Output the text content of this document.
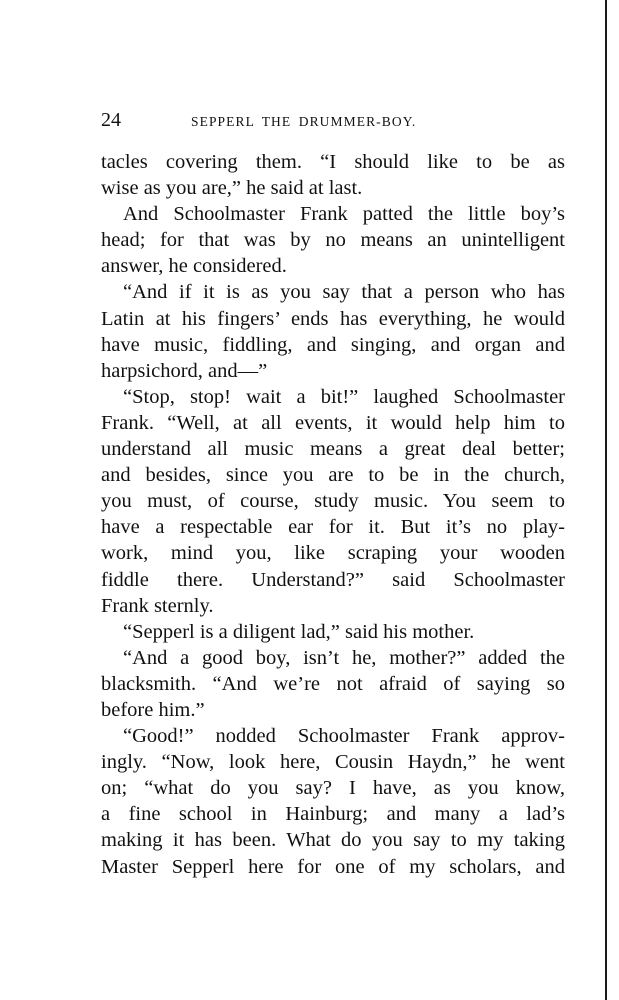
24	SEPPERL THE DRUMMER-BOY.
tacles covering them. “I should like to be as
wise as you are,” he said at last.
And Schoolmaster Frank patted the little boy’s
head; for that was by no means an unintelligent
answer, he considered.
“And if it is as you say that a person who has
Latin at his fingers’ ends has everything, he would
have music, fiddling, and singing, and organ and
harpsichord, and—”
“Stop, stop! wait a bit!” laughed Schoolmaster
Frank. “Well, at all events, it would help him to
understand all music means a great deal better;
and besides, since you are to be in the church,
you must, of course, study music. You seem to
have a respectable ear for it. But it’s no play-
work, mind you, like scraping your wooden
fiddle there. Understand?” said Schoolmaster
Frank sternly.
“Sepperl is a diligent lad,” said his mother.
“And a good boy, isn’t he, mother?” added the
blacksmith. “And we’re not afraid of saying so
before him.”
“Good!” nodded Schoolmaster Frank approv-
ingly. “Now, look here, Cousin Haydn,” he went
on; “what do you say? I have, as you know,
a fine school in Hainburg; and many a lad’s
making it has been. What do you say to my taking
Master Sepperl here for one of my scholars, and
